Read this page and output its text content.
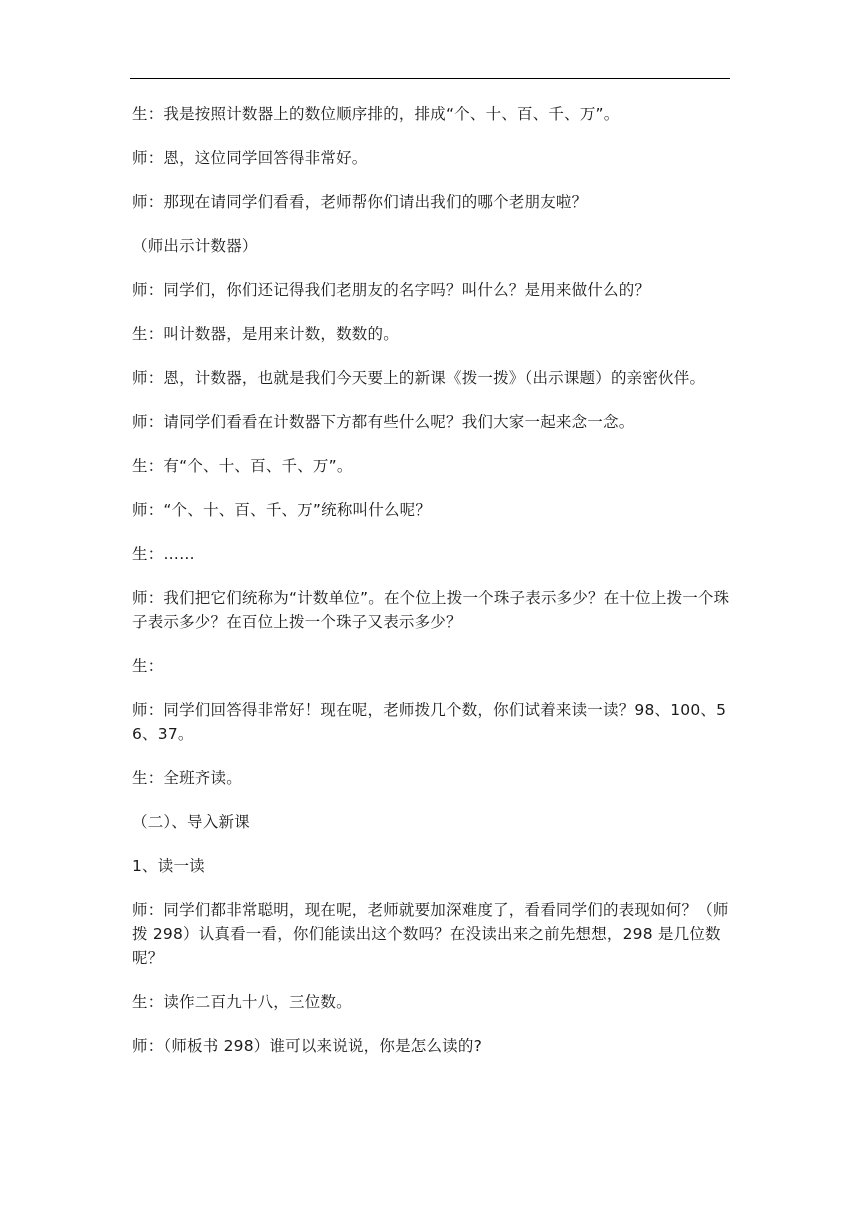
生：我是按照计数器上的数位顺序排的，排成“个、十、百、千、万”。

师：恩，这位同学回答得非常好。

师：那现在请同学们看看，老师帮你们请出我们的哪个老朋友啦？

（师出示计数器）

师：同学们，你们还记得我们老朋友的名字吗？叫什么？是用来做什么的？

生：叫计数器，是用来计数，数数的。

师：恩，计数器，也就是我们今天要上的新课《拨一拨》（出示课题）的亲密伙伴。

师：请同学们看看在计数器下方都有些什么呢？我们大家一起来念一念。

生：有“个、十、百、千、万”。

师：“个、十、百、千、万”统称叫什么呢？

生：……

师：我们把它们统称为“计数单位”。在个位上拨一个珠子表示多少？在十位上拨一个珠子表示多少？在百位上拨一个珠子又表示多少？

生：

师：同学们回答得非常好！现在呢，老师拨几个数，你们试着来读一读？98、100、56、37。

生：全班齐读。

（二）、导入新课

1、读一读

师：同学们都非常聪明，现在呢，老师就要加深难度了，看看同学们的表现如何？（师拨 298）认真看一看，你们能读出这个数吗？在没读出来之前先想想，298 是几位数呢？

生：读作二百九十八，三位数。

师：（师板书 298）谁可以来说说，你是怎么读的?
